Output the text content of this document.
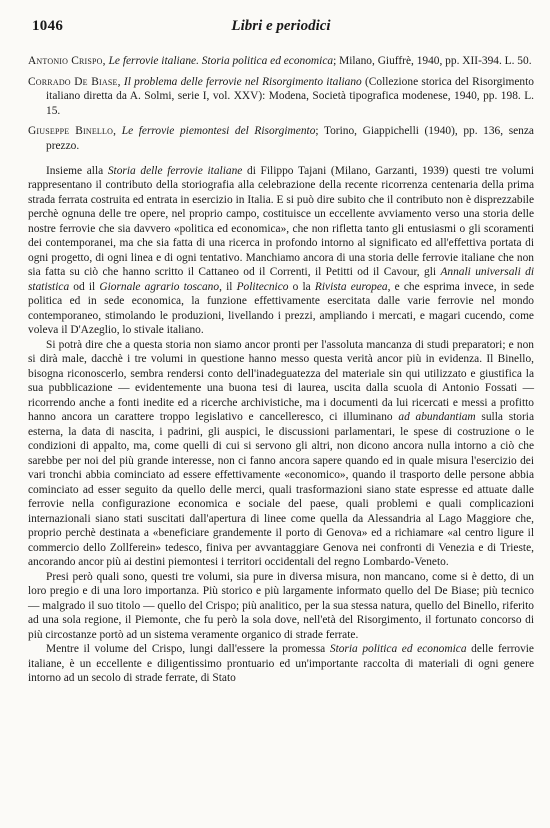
1046	Libri e periodici

Antonio Crispo, Le ferrovie italiane. Storia politica ed economica; Milano, Giuffrè, 1940, pp. XII-394. L. 50.

Corrado De Biase, Il problema delle ferrovie nel Risorgimento italiano (Collezione storica del Risorgimento italiano diretta da A. Solmi, serie I, vol. XXV): Modena, Società tipografica modenese, 1940, pp. 198. L. 15.

Giuseppe Binello, Le ferrovie piemontesi del Risorgimento; Torino, Giappichelli (1940), pp. 136, senza prezzo.

Insieme alla Storia delle ferrovie italiane di Filippo Tajani (Milano, Garzanti, 1939) questi tre volumi rappresentano il contributo della storiografia alla celebrazione della recente ricorrenza centenaria della prima strada ferrata costruita ed entrata in esercizio in Italia. E si può dire subito che il contributo non è disprezzabile perchè ognuna delle tre opere, nel proprio campo, costituisce un eccellente avviamento verso una storia delle nostre ferrovie che sia davvero «politica ed economica», che non rifletta tanto gli entusiasmi o gli scoramenti dei contemporanei, ma che sia fatta di una ricerca in profondo intorno al significato ed all'effettiva portata di ogni progetto, di ogni linea e di ogni tentativo. Manchiamo ancora di una storia delle ferrovie italiane che non sia fatta su ciò che hanno scritto il Cattaneo od il Correnti, il Petitti od il Cavour, gli Annali universali di statistica od il Giornale agrario toscano, il Politecnico o la Rivista europea, e che esprima invece, in sede politica ed in sede economica, la funzione effettivamente esercitata dalle varie ferrovie nel mondo contemporaneo, stimolando le produzioni, livellando i prezzi, ampliando i mercati, e magari cucendo, come voleva il D'Azeglio, lo stivale italiano.

Si potrà dire che a questa storia non siamo ancor pronti per l'assoluta mancanza di studi preparatori; e non si dirà male, dacchè i tre volumi in questione hanno messo questa verità ancor più in evidenza. Il Binello, bisogna riconoscerlo, sembra rendersi conto dell'inadeguatezza del materiale sin qui utilizzato e giustifica la sua pubblicazione — evidentemente una buona tesi di laurea, uscita dalla scuola di Antonio Fossati — ricorrendo anche a fonti inedite ed a ricerche archivistiche, ma i documenti da lui ricercati e messi a profitto hanno ancora un carattere troppo legislativo e cancelleresco, ci illuminano ad abundantiam sulla storia esterna, la data di nascita, i padrini, gli auspici, le discussioni parlamentari, le spese di costruzione o le condizioni di appalto, ma, come quelli di cui si servono gli altri, non dicono ancora nulla intorno a ciò che sarebbe per noi del più grande interesse, non ci fanno ancora sapere quando ed in quale misura l'esercizio dei vari tronchi abbia cominciato ad essere effettivamente «economico», quando il trasporto delle persone abbia cominciato ad esser seguito da quello delle merci, quali trasformazioni siano state espresse ed attuate dalle ferrovie nella configurazione economica e sociale del paese, quali problemi e quali complicazioni internazionali siano stati suscitati dall'apertura di linee come quella da Alessandria al Lago Maggiore che, proprio perchè destinata a «beneficiare grandemente il porto di Genova» ed a richiamare «al centro ligure il commercio dello Zollferein» tedesco, finiva per avvantaggiare Genova nei confronti di Venezia e di Trieste, ancorando ancor più ai destini piemontesi i territori occidentali del regno Lombardo-Veneto.

Presi però quali sono, questi tre volumi, sia pure in diversa misura, non mancano, come si è detto, di un loro pregio e di una loro importanza. Più storico e più largamente informato quello del De Biase; più tecnico — malgrado il suo titolo — quello del Crispo; più analitico, per la sua stessa natura, quello del Binello, riferito ad una sola regione, il Piemonte, che fu però la sola dove, nell'età del Risorgimento, il fortunato concorso di più circostanze portò ad un sistema veramente organico di strade ferrate.

Mentre il volume del Crispo, lungi dall'essere la promessa Storia politica ed economica delle ferrovie italiane, è un eccellente e diligentissimo prontuario ed un'importante raccolta di materiali di ogni genere intorno ad un secolo di strade ferrate, di Stato
